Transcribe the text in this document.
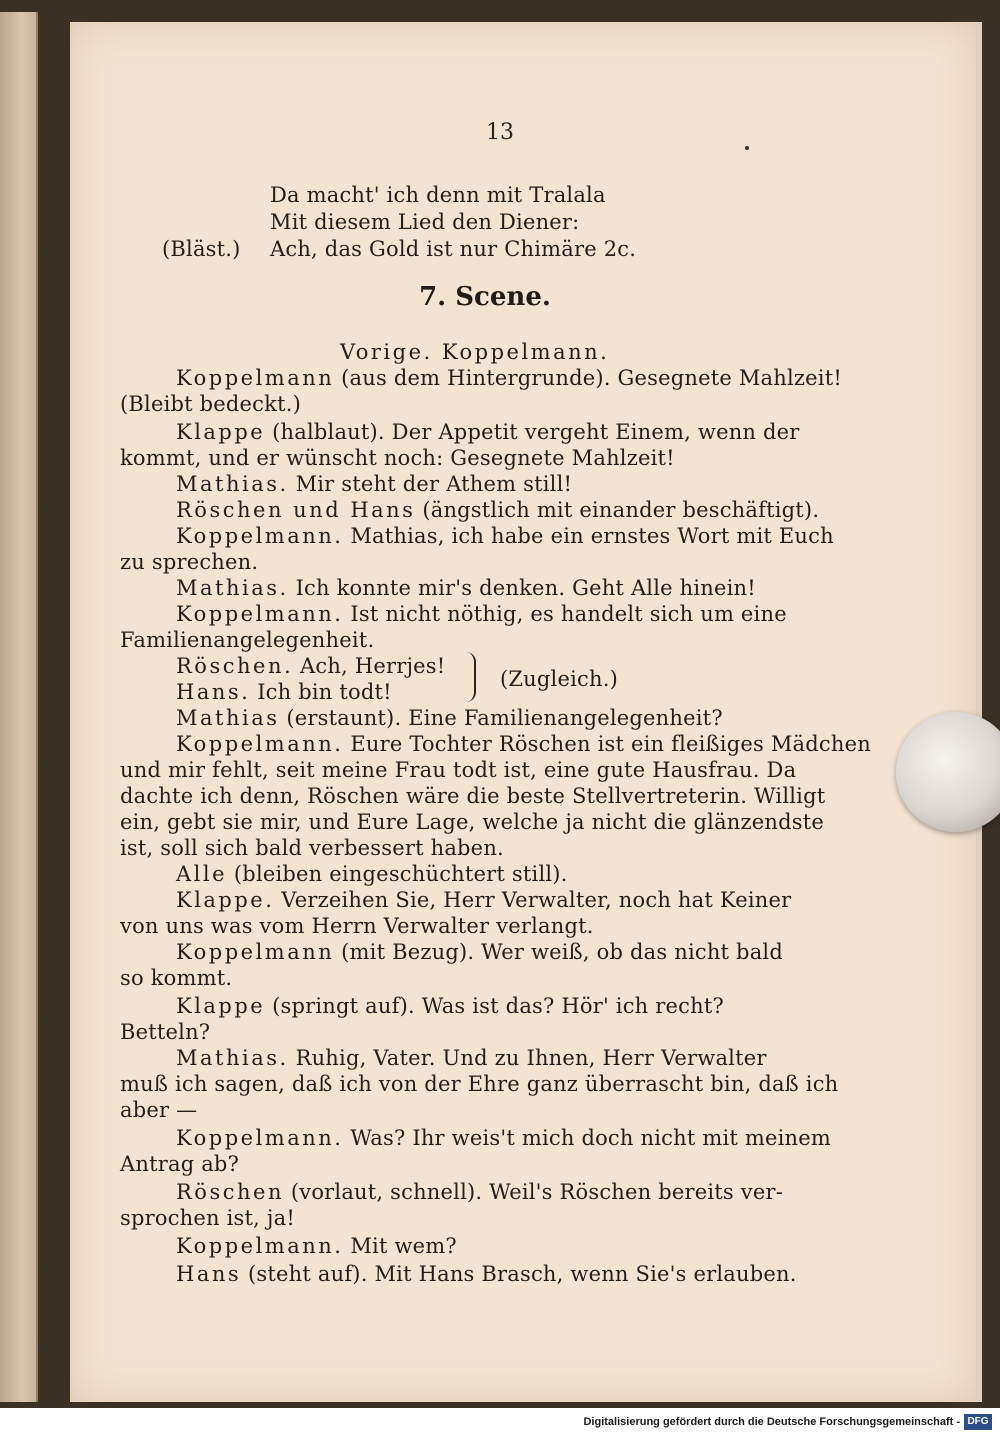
13
Da macht' ich denn mit Tralala
Mit diesem Lied den Diener:
(Bläst.) Ach, das Gold ist nur Chimäre 2c.
7. Scene.
Vorige. Koppelmann.
Koppelmann (aus dem Hintergrunde). Gesegnete Mahlzeit!
(Bleibt bedeckt.)
Klappe (halblaut). Der Appetit vergeht Einem, wenn der
kommt, und er wünscht noch: Gesegnete Mahlzeit!
Mathias. Mir steht der Athem still!
Röschen und Hans (ängstlich mit einander beschäftigt).
Koppelmann. Mathias, ich habe ein ernstes Wort mit Euch
zu sprechen.
Mathias. Ich konnte mir's denken. Geht Alle hinein!
Koppelmann. Ist nicht nöthig, es handelt sich um eine
Familienangelegenheit.
Röschen. Ach, Herrjes!
Hans. Ich bin todt!
(Zugleich.)
Mathias (erstaunt). Eine Familienangelegenheit?
Koppelmann. Eure Tochter Röschen ist ein fleißiges Mädchen
und mir fehlt, seit meine Frau todt ist, eine gute Hausfrau. Da
dachte ich denn, Röschen wäre die beste Stellvertreterin. Willigt
ein, gebt sie mir, und Eure Lage, welche ja nicht die glänzendste
ist, soll sich bald verbessert haben.
Alle (bleiben eingeschüchtert still).
Klappe. Verzeihen Sie, Herr Verwalter, noch hat Keiner
von uns was vom Herrn Verwalter verlangt.
Koppelmann (mit Bezug). Wer weiß, ob das nicht bald
so kommt.
Klappe (springt auf). Was ist das? Hör' ich recht?
Betteln?
Mathias. Ruhig, Vater. Und zu Ihnen, Herr Verwalter
muß ich sagen, daß ich von der Ehre ganz überrascht bin, daß ich
aber —
Koppelmann. Was? Ihr weis't mich doch nicht mit meinem
Antrag ab?
Röschen (vorlaut, schnell). Weil's Röschen bereits ver-
sprochen ist, ja!
Koppelmann. Mit wem?
Hans (steht auf). Mit Hans Brasch, wenn Sie's erlauben.
v
Digitalisierung gefördert durch die Deutsche Forschungsgemeinschaft - DFG
